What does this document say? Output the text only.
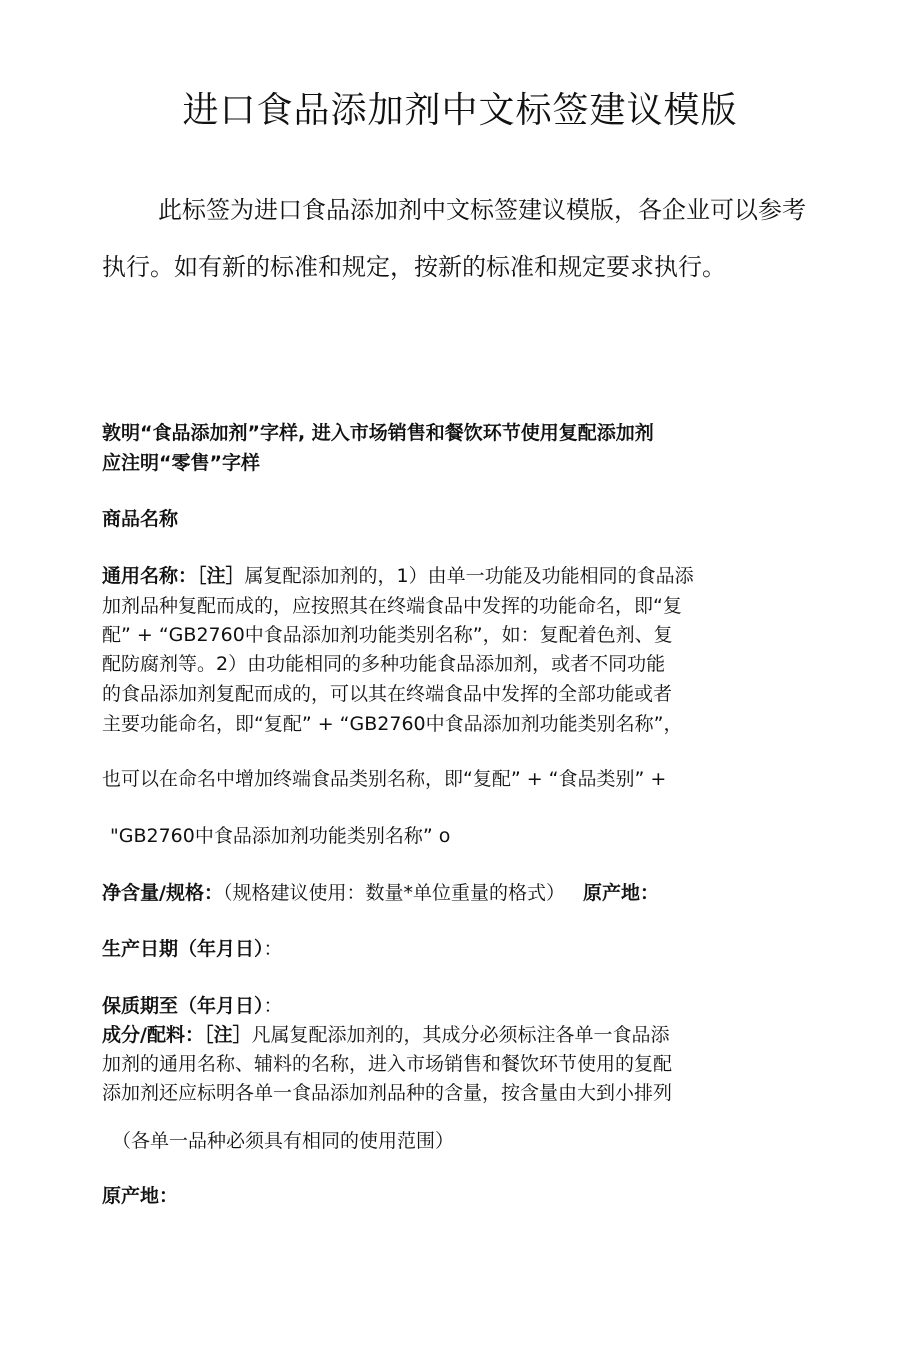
进口食品添加剂中文标签建议模版

此标签为进口食品添加剂中文标签建议模版，各企业可以参考执行。如有新的标准和规定，按新的标准和规定要求执行。

敦明“食品添加剂”字样, 进入市场销售和餐饮环节使用复配添加剂

应注明“零售”字样

商品名称

通用名称：［注］属复配添加剂的，1）由单一功能及功能相同的食品添

加剂品种复配而成的，应按照其在终端食品中发挥的功能命名，即“复

配” + “GB2760中食品添加剂功能类别名称”，如：复配着色剂、复

配防腐剂等。2）由功能相同的多种功能食品添加剂，或者不同功能

的食品添加剂复配而成的，可以其在终端食品中发挥的全部功能或者

主要功能命名，即“复配” + “GB2760中食品添加剂功能类别名称”，

也可以在命名中增加终端食品类别名称，即“复配” + “食品类别” +

"GB2760中食品添加剂功能类别名称” o

净含量/规格：（规格建议使用：数量*单位重量的格式） 原产地：

生产日期（年月日）：

保质期至（年月日）：

成分/配料：［注］凡属复配添加剂的，其成分必须标注各单一食品添

加剂的通用名称、辅料的名称，进入市场销售和餐饮环节使用的复配

添加剂还应标明各单一食品添加剂品种的含量，按含量由大到小排列

（各单一品种必须具有相同的使用范围）

原产地：
